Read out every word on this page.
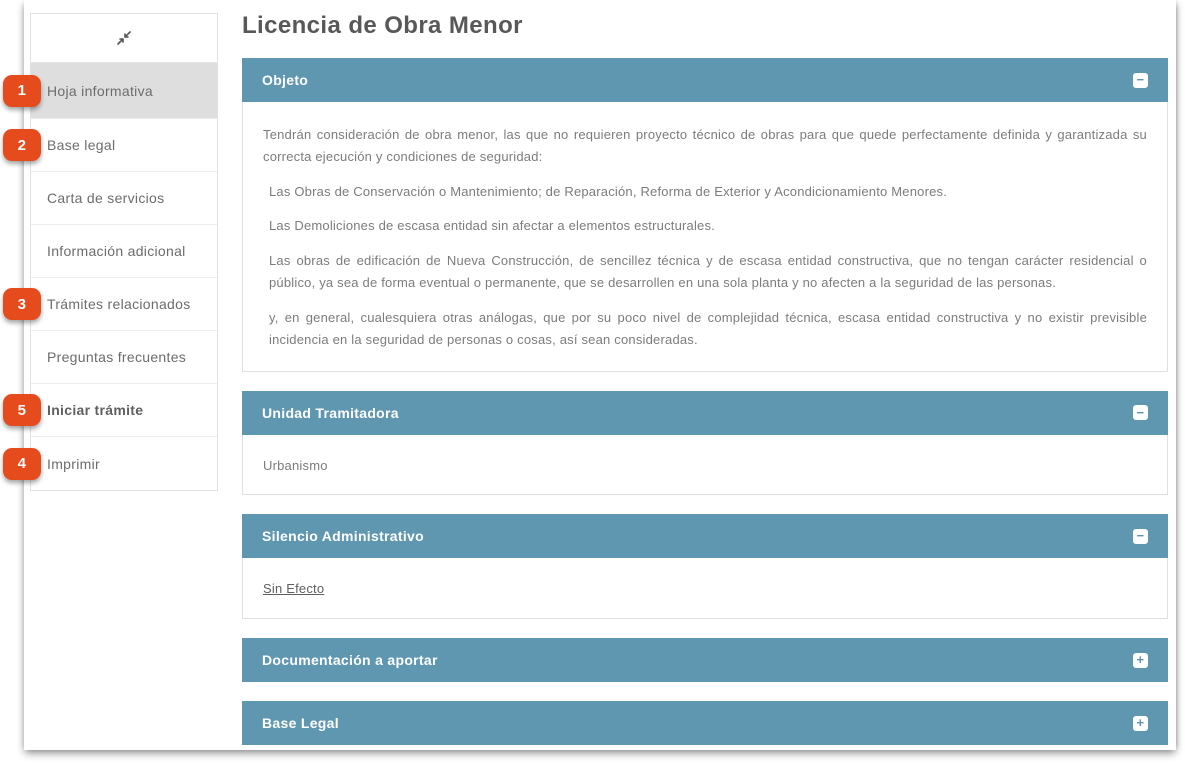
1	Hoja informativa
2	Base legal
Carta de servicios
Información adicional
3	Trámites relacionados
Preguntas frecuentes
5	Iniciar trámite
4	Imprimir
Licencia de Obra Menor
Objeto	−

Tendrán consideración de obra menor, las que no requieren proyecto técnico de obras para que quede perfectamente definida y garantizada su correcta ejecución y condiciones de seguridad:

Las Obras de Conservación o Mantenimiento; de Reparación, Reforma de Exterior y Acondicionamiento Menores.

Las Demoliciones de escasa entidad sin afectar a elementos estructurales.

Las obras de edificación de Nueva Construcción, de sencillez técnica y de escasa entidad constructiva, que no tengan carácter residencial o público, ya sea de forma eventual o permanente, que se desarrollen en una sola planta y no afecten a la seguridad de las personas.

y, en general, cualesquiera otras análogas, que por su poco nivel de complejidad técnica, escasa entidad constructiva y no existir previsible incidencia en la seguridad de personas o cosas, así sean consideradas.

Unidad Tramitadora	−
Urbanismo
Silencio Administrativo	−
Sin Efecto
Documentación a aportar	+
Base Legal	+
